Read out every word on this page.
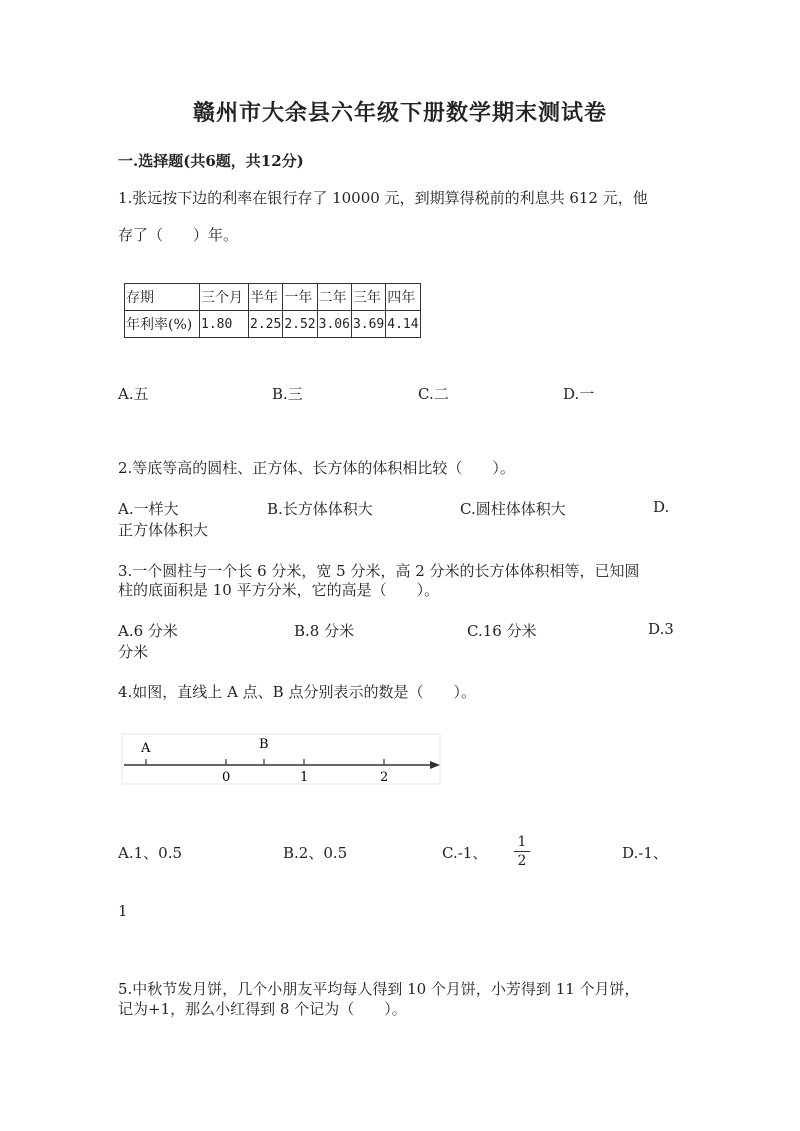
赣州市大余县六年级下册数学期末测试卷
一.选择题(共6题，共12分)
1.张远按下边的利率在银行存了 10000 元，到期算得税前的利息共 612 元，他
存了（　　）年。
存期	三个月	半年	一年	二年	三年	四年
年利率(%)	1.80	2.25	2.52	3.06	3.69	4.14
A.五	B.三	C.二	D.一
2.等底等高的圆柱、正方体、长方体的体积相比较（　　）。
A.一样大	B.长方体体积大	C.圆柱体体积大	D.
正方体体积大
3.一个圆柱与一个长 6 分米，宽 5 分米，高 2 分米的长方体体积相等，已知圆
柱的底面积是 10 平方分米，它的高是（　　）。
A.6 分米	B.8 分米	C.16 分米	D.3
分米
4.如图，直线上 A 点、B 点分别表示的数是（　　）。
A	B
0	1	2
A.1、0.5	B.2、0.5	C.-1、
1
2	D.-1、
1
5.中秋节发月饼，几个小朋友平均每人得到 10 个月饼，小芳得到 11 个月饼，
记为+1，那么小红得到 8 个记为（　　）。
